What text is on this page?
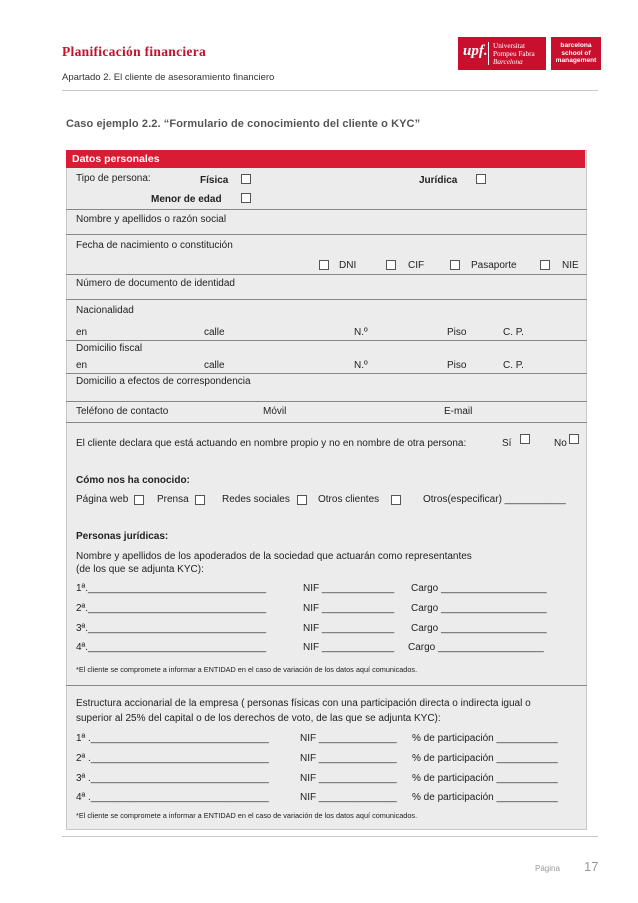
Planificación financiera
Apartado 2. El cliente de asesoramiento financiero
upf. Universitat
Pompeu Fabra
Barcelona
barcelona
school of
management
Caso ejemplo 2.2. “Formulario de conocimiento del cliente o KYC”
Datos personales
Tipo de persona:	Física	Jurídica
Menor de edad
Nombre y apellidos o razón social
Fecha de nacimiento o constitución
DNI	CIF	Pasaporte	NIE
Número de documento de identidad
Nacionalidad
en	calle	N.º	Piso	C. P.
Domicilio fiscal
en	calle	N.º	Piso	C. P.
Domicilio a efectos de correspondencia
Teléfono de contacto	Móvil	E-mail
El cliente declara que está actuando en nombre propio y no en nombre de otra persona:	Sí	No
Cómo nos ha conocido:
Página web	Prensa	Redes sociales	Otros clientes	Otros(especificar) ___________
Personas jurídicas:
Nombre y apellidos de los apoderados de la sociedad que actuarán como representantes
(de los que se adjunta KYC):
1ª.________________________________	NIF _____________ Cargo ___________________
2ª.________________________________	NIF _____________ Cargo ___________________
3ª.________________________________	NIF _____________ Cargo ___________________
4ª.________________________________	NIF _____________ Cargo ___________________
*El cliente se compromete a informar a ENTIDAD en el caso de variación de los datos aquí comunicados.
Estructura accionarial de la empresa ( personas físicas con una participación directa o indirecta igual o
superior al 25% del capital o de los derechos de voto, de las que se adjunta KYC):
1ª .________________________________	NIF ______________ % de participación ___________
2ª .________________________________	NIF ______________ % de participación ___________
3ª .________________________________	NIF ______________ % de participación ___________
4ª .________________________________	NIF ______________ % de participación ___________
*El cliente se compromete a informar a ENTIDAD en el caso de variación de los datos aquí comunicados.
Página 17
